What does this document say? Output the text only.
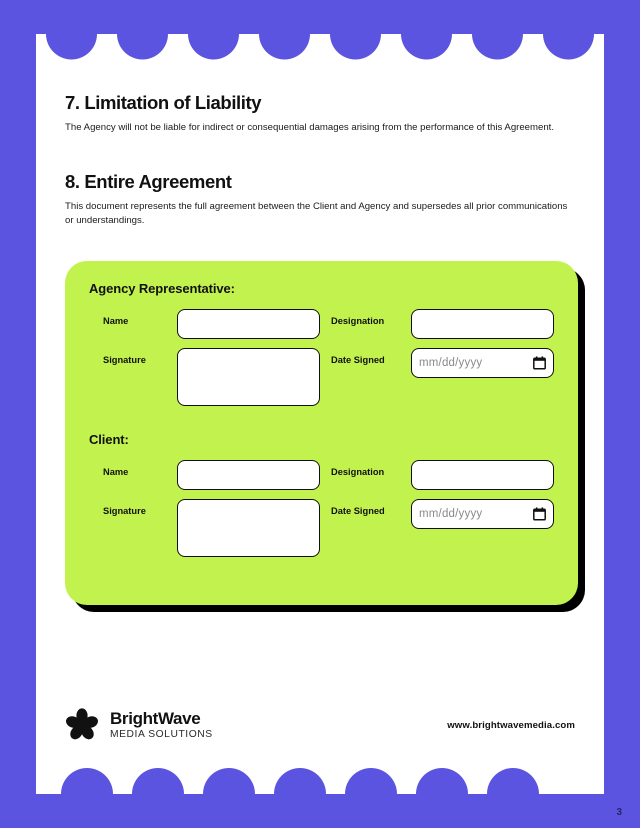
7. Limitation of Liability

The Agency will not be liable for indirect or consequential damages arising from the performance of this Agreement.

8. Entire Agreement

This document represents the full agreement between the Client and Agency and supersedes all prior communications or understandings.

Agency Representative:
Name
Signature
Designation
Date Signed	mm/dd/yyyy
Client:
Name
Signature
Designation
Date Signed	mm/dd/yyyy
BrightWave
MEDIA SOLUTIONS
www.brightwavemedia.com
3
